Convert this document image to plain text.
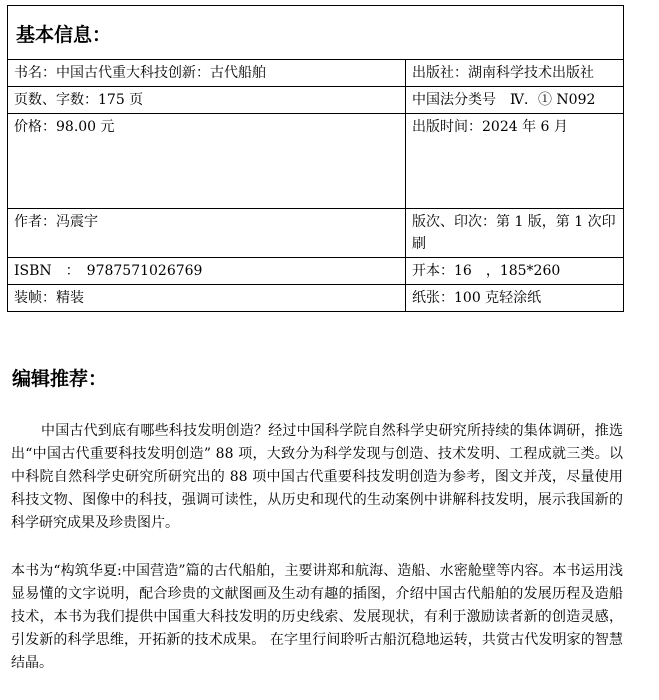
基本信息：
书名：中国古代重大科技创新：古代船舶	出版社：湖南科学技术出版社
页数、字数：175 页	中国法分类号　Ⅳ．① N092
价格：98.00 元	出版时间：2024 年 6 月
作者：冯震宇	版次、印次：第 1 版，第 1 次印刷
ISBN　：　9787571026769	开本：16　，185*260
装帧：精装	纸张：100 克轻涂纸
编辑推荐：

中国古代到底有哪些科技发明创造？经过中国科学院自然科学史研究所持续的集体调研，推选出“中国古代重要科技发明创造” 88 项，大致分为科学发现与创造、技术发明、工程成就三类。以中科院自然科学史研究所研究出的 88 项中国古代重要科技发明创造为参考，图文并茂，尽量使用科技文物、图像中的科技，强调可读性，从历史和现代的生动案例中讲解科技发明，展示我国新的科学研究成果及珍贵图片。

本书为“构筑华夏:中国营造”篇的古代船舶，主要讲郑和航海、造船、水密舱壁等内容。本书运用浅显易懂的文字说明，配合珍贵的文献图画及生动有趣的插图，介绍中国古代船舶的发展历程及造船技术，本书为我们提供中国重大科技发明的历史线索、发展现状，有利于激励读者新的创造灵感，引发新的科学思维，开拓新的技术成果。 在字里行间聆听古船沉稳地运转，共赏古代发明家的智慧结晶。
